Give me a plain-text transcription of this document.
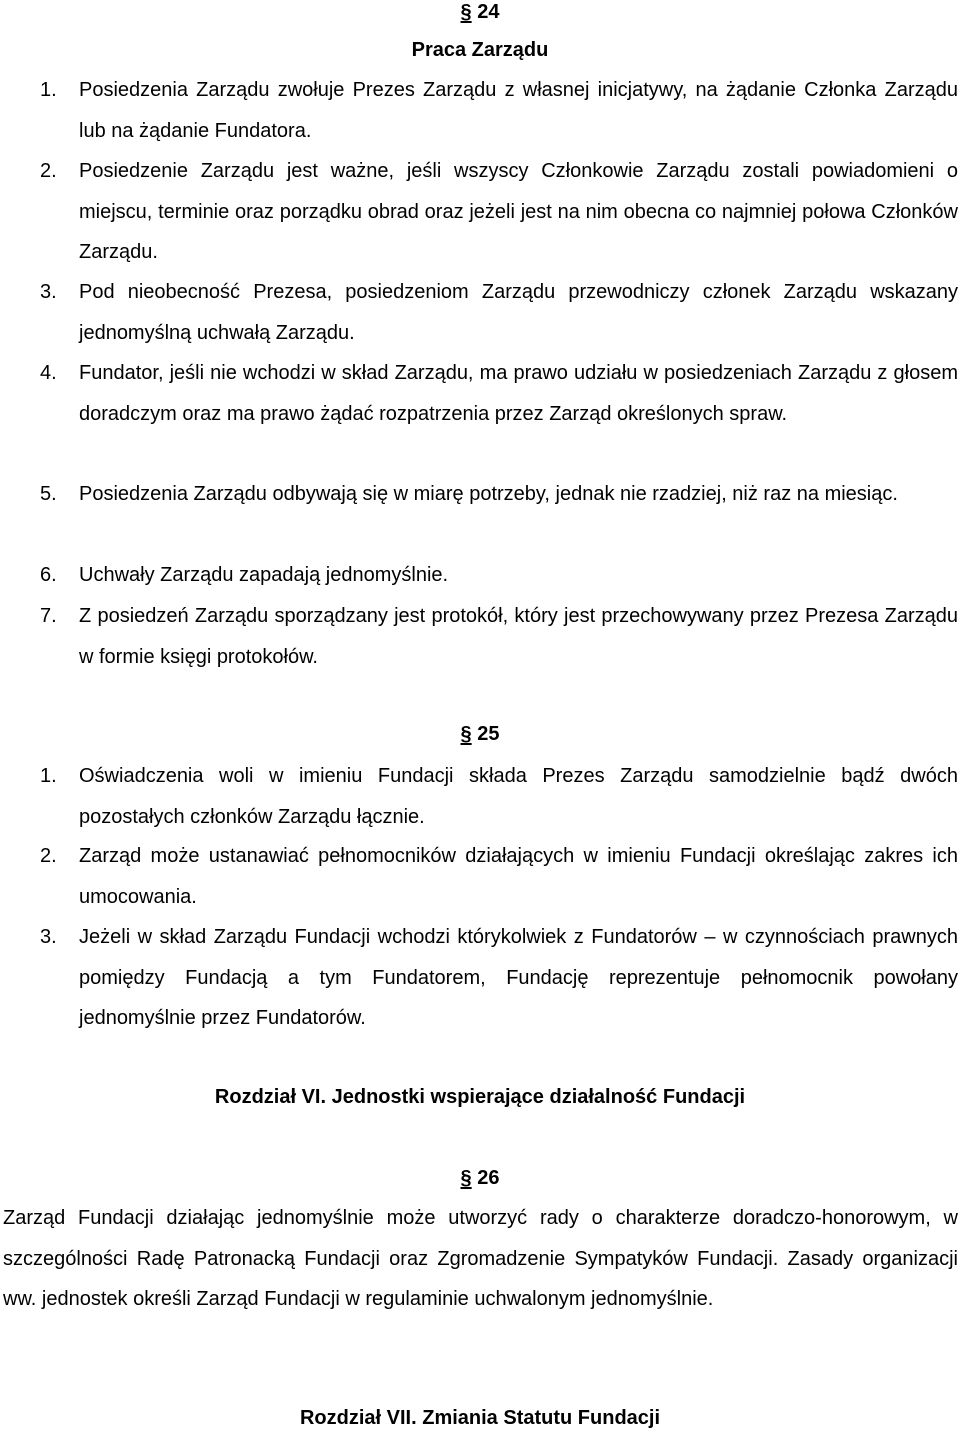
§ 24
Praca Zarządu
1. Posiedzenia Zarządu zwołuje Prezes Zarządu z własnej inicjatywy, na żądanie Członka Zarządu lub na żądanie Fundatora.
2. Posiedzenie Zarządu jest ważne, jeśli wszyscy Członkowie Zarządu zostali powiadomieni o miejscu, terminie oraz porządku obrad oraz jeżeli jest na nim obecna co najmniej połowa Członków Zarządu.
3. Pod nieobecność Prezesa, posiedzeniom Zarządu przewodniczy członek Zarządu wskazany jednomyślną uchwałą Zarządu.
4. Fundator, jeśli nie wchodzi w skład Zarządu, ma prawo udziału w posiedzeniach Zarządu z głosem doradczym oraz ma prawo żądać rozpatrzenia przez Zarząd określonych spraw.
5. Posiedzenia Zarządu odbywają się w miarę potrzeby, jednak nie rzadziej, niż raz na miesiąc.
6. Uchwały Zarządu zapadają jednomyślnie.
7. Z posiedzeń Zarządu sporządzany jest protokół, który jest przechowywany przez Prezesa Zarządu w formie księgi protokołów.
§ 25
1. Oświadczenia woli w imieniu Fundacji składa Prezes Zarządu samodzielnie bądź dwóch pozostałych członków Zarządu łącznie.
2. Zarząd może ustanawiać pełnomocników działających w imieniu Fundacji określając zakres ich umocowania.
3. Jeżeli w skład Zarządu Fundacji wchodzi którykolwiek z Fundatorów – w czynnościach prawnych pomiędzy Fundacją a tym Fundatorem, Fundację reprezentuje pełnomocnik powołany jednomyślnie przez Fundatorów.
Rozdział VI. Jednostki wspierające działalność Fundacji
§ 26
Zarząd Fundacji działając jednomyślnie może utworzyć rady o charakterze doradczo-honorowym, w szczególności Radę Patronacką Fundacji oraz Zgromadzenie Sympatyków Fundacji. Zasady organizacji ww. jednostek określi Zarząd Fundacji w regulaminie uchwalonym jednomyślnie.
Rozdział VII. Zmiania Statutu Fundacji
